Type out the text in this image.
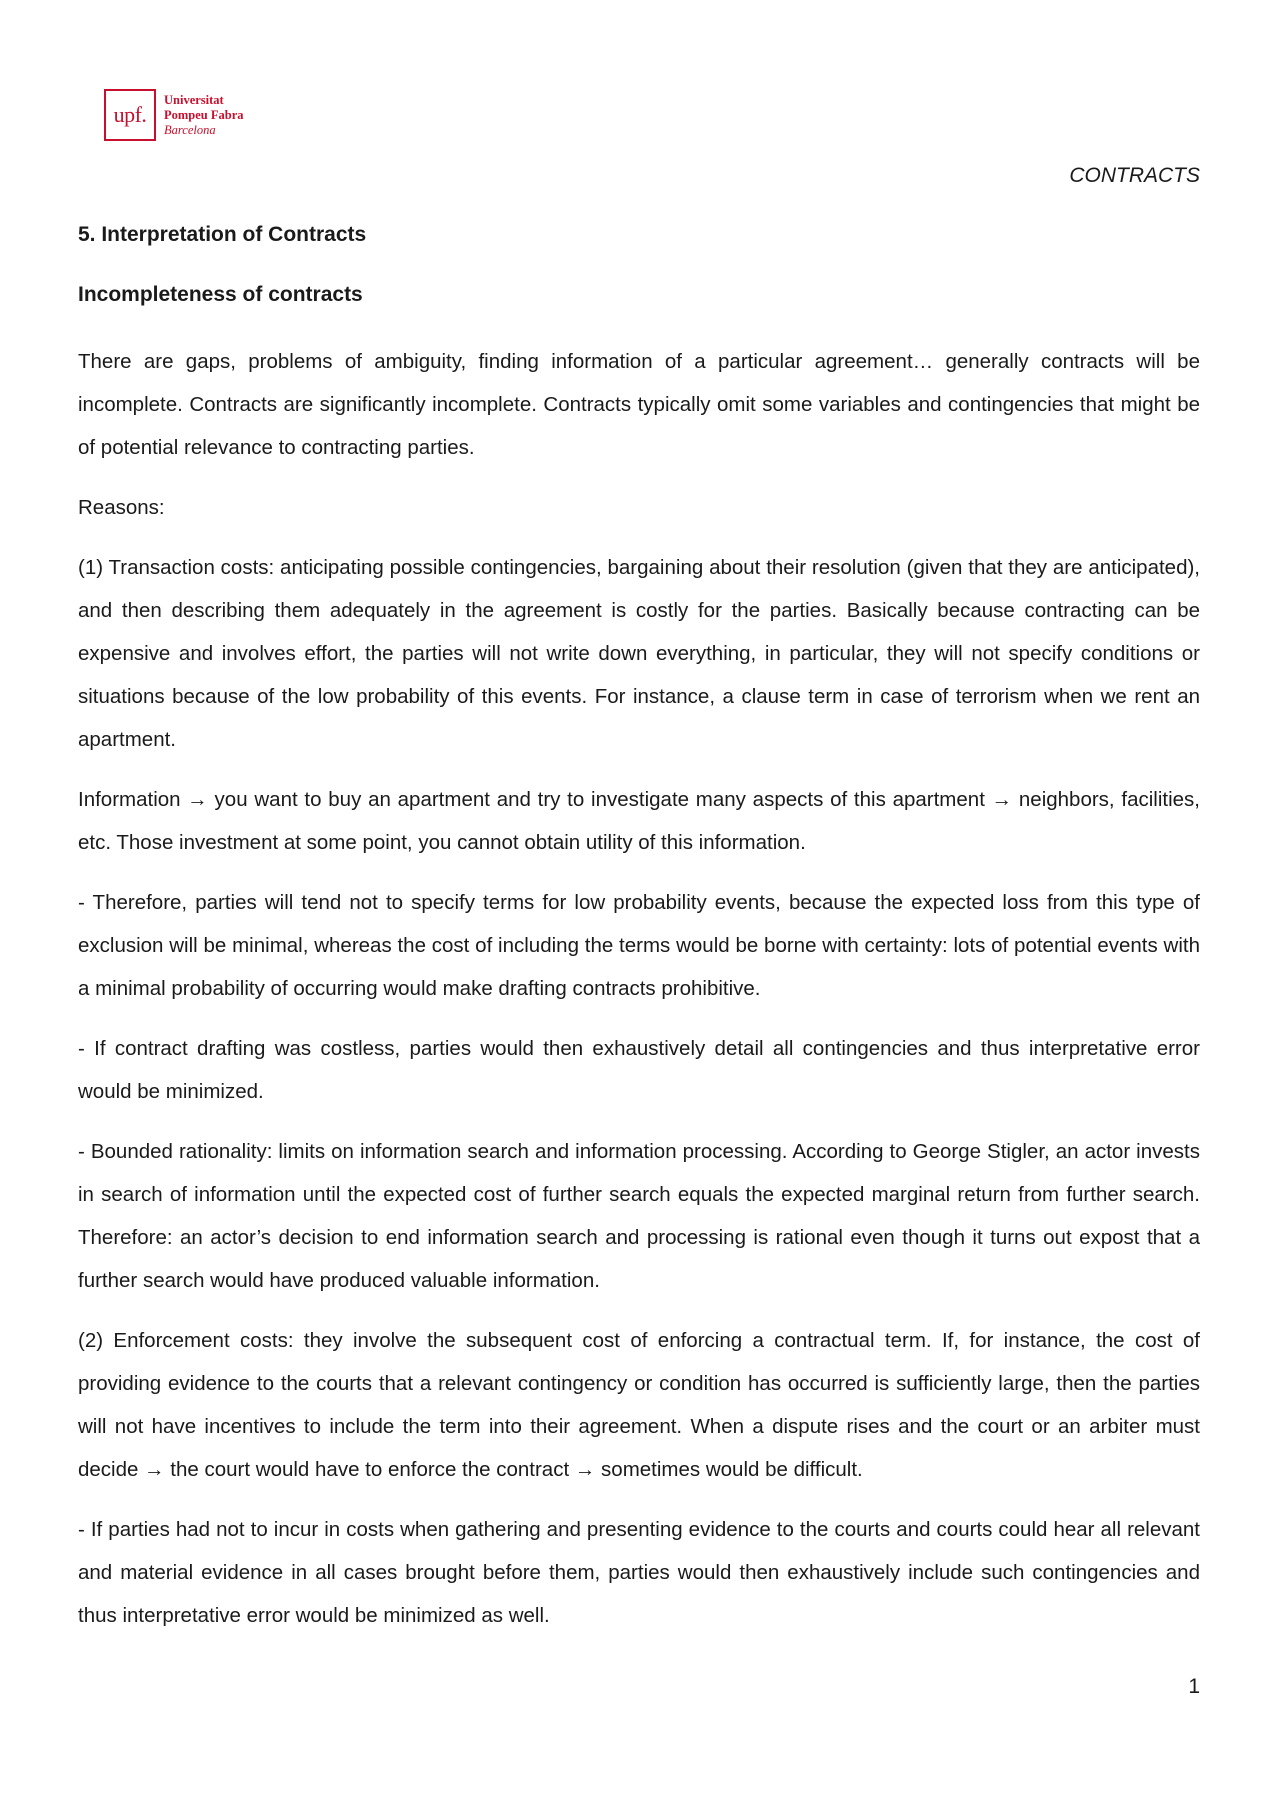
upf.
Universitat
Pompeu Fabra
Barcelona
CONTRACTS
5. Interpretation of Contracts
Incompleteness of contracts

There are gaps, problems of ambiguity, finding information of a particular agreement… generally contracts will be incomplete. Contracts are significantly incomplete. Contracts typically omit some variables and contingencies that might be of potential relevance to contracting parties.

Reasons:

(1) Transaction costs: anticipating possible contingencies, bargaining about their resolution (given that they are anticipated), and then describing them adequately in the agreement is costly for the parties. Basically because contracting can be expensive and involves effort, the parties will not write down everything, in particular, they will not specify conditions or situations because of the low probability of this events. For instance, a clause term in case of terrorism when we rent an apartment.

Information → you want to buy an apartment and try to investigate many aspects of this apartment → neighbors, facilities, etc. Those investment at some point, you cannot obtain utility of this information.

- Therefore, parties will tend not to specify terms for low probability events, because the expected loss from this type of exclusion will be minimal, whereas the cost of including the terms would be borne with certainty: lots of potential events with a minimal probability of occurring would make drafting contracts prohibitive.

- If contract drafting was costless, parties would then exhaustively detail all contingencies and thus interpretative error would be minimized.

- Bounded rationality: limits on information search and information processing. According to George Stigler, an actor invests in search of information until the expected cost of further search equals the expected marginal return from further search. Therefore: an actor’s decision to end information search and processing is rational even though it turns out expost that a further search would have produced valuable information.

(2) Enforcement costs: they involve the subsequent cost of enforcing a contractual term. If, for instance, the cost of providing evidence to the courts that a relevant contingency or condition has occurred is sufficiently large, then the parties will not have incentives to include the term into their agreement. When a dispute rises and the court or an arbiter must decide → the court would have to enforce the contract → sometimes would be difficult.

- If parties had not to incur in costs when gathering and presenting evidence to the courts and courts could hear all relevant and material evidence in all cases brought before them, parties would then exhaustively include such contingencies and thus interpretative error would be minimized as well.

1
